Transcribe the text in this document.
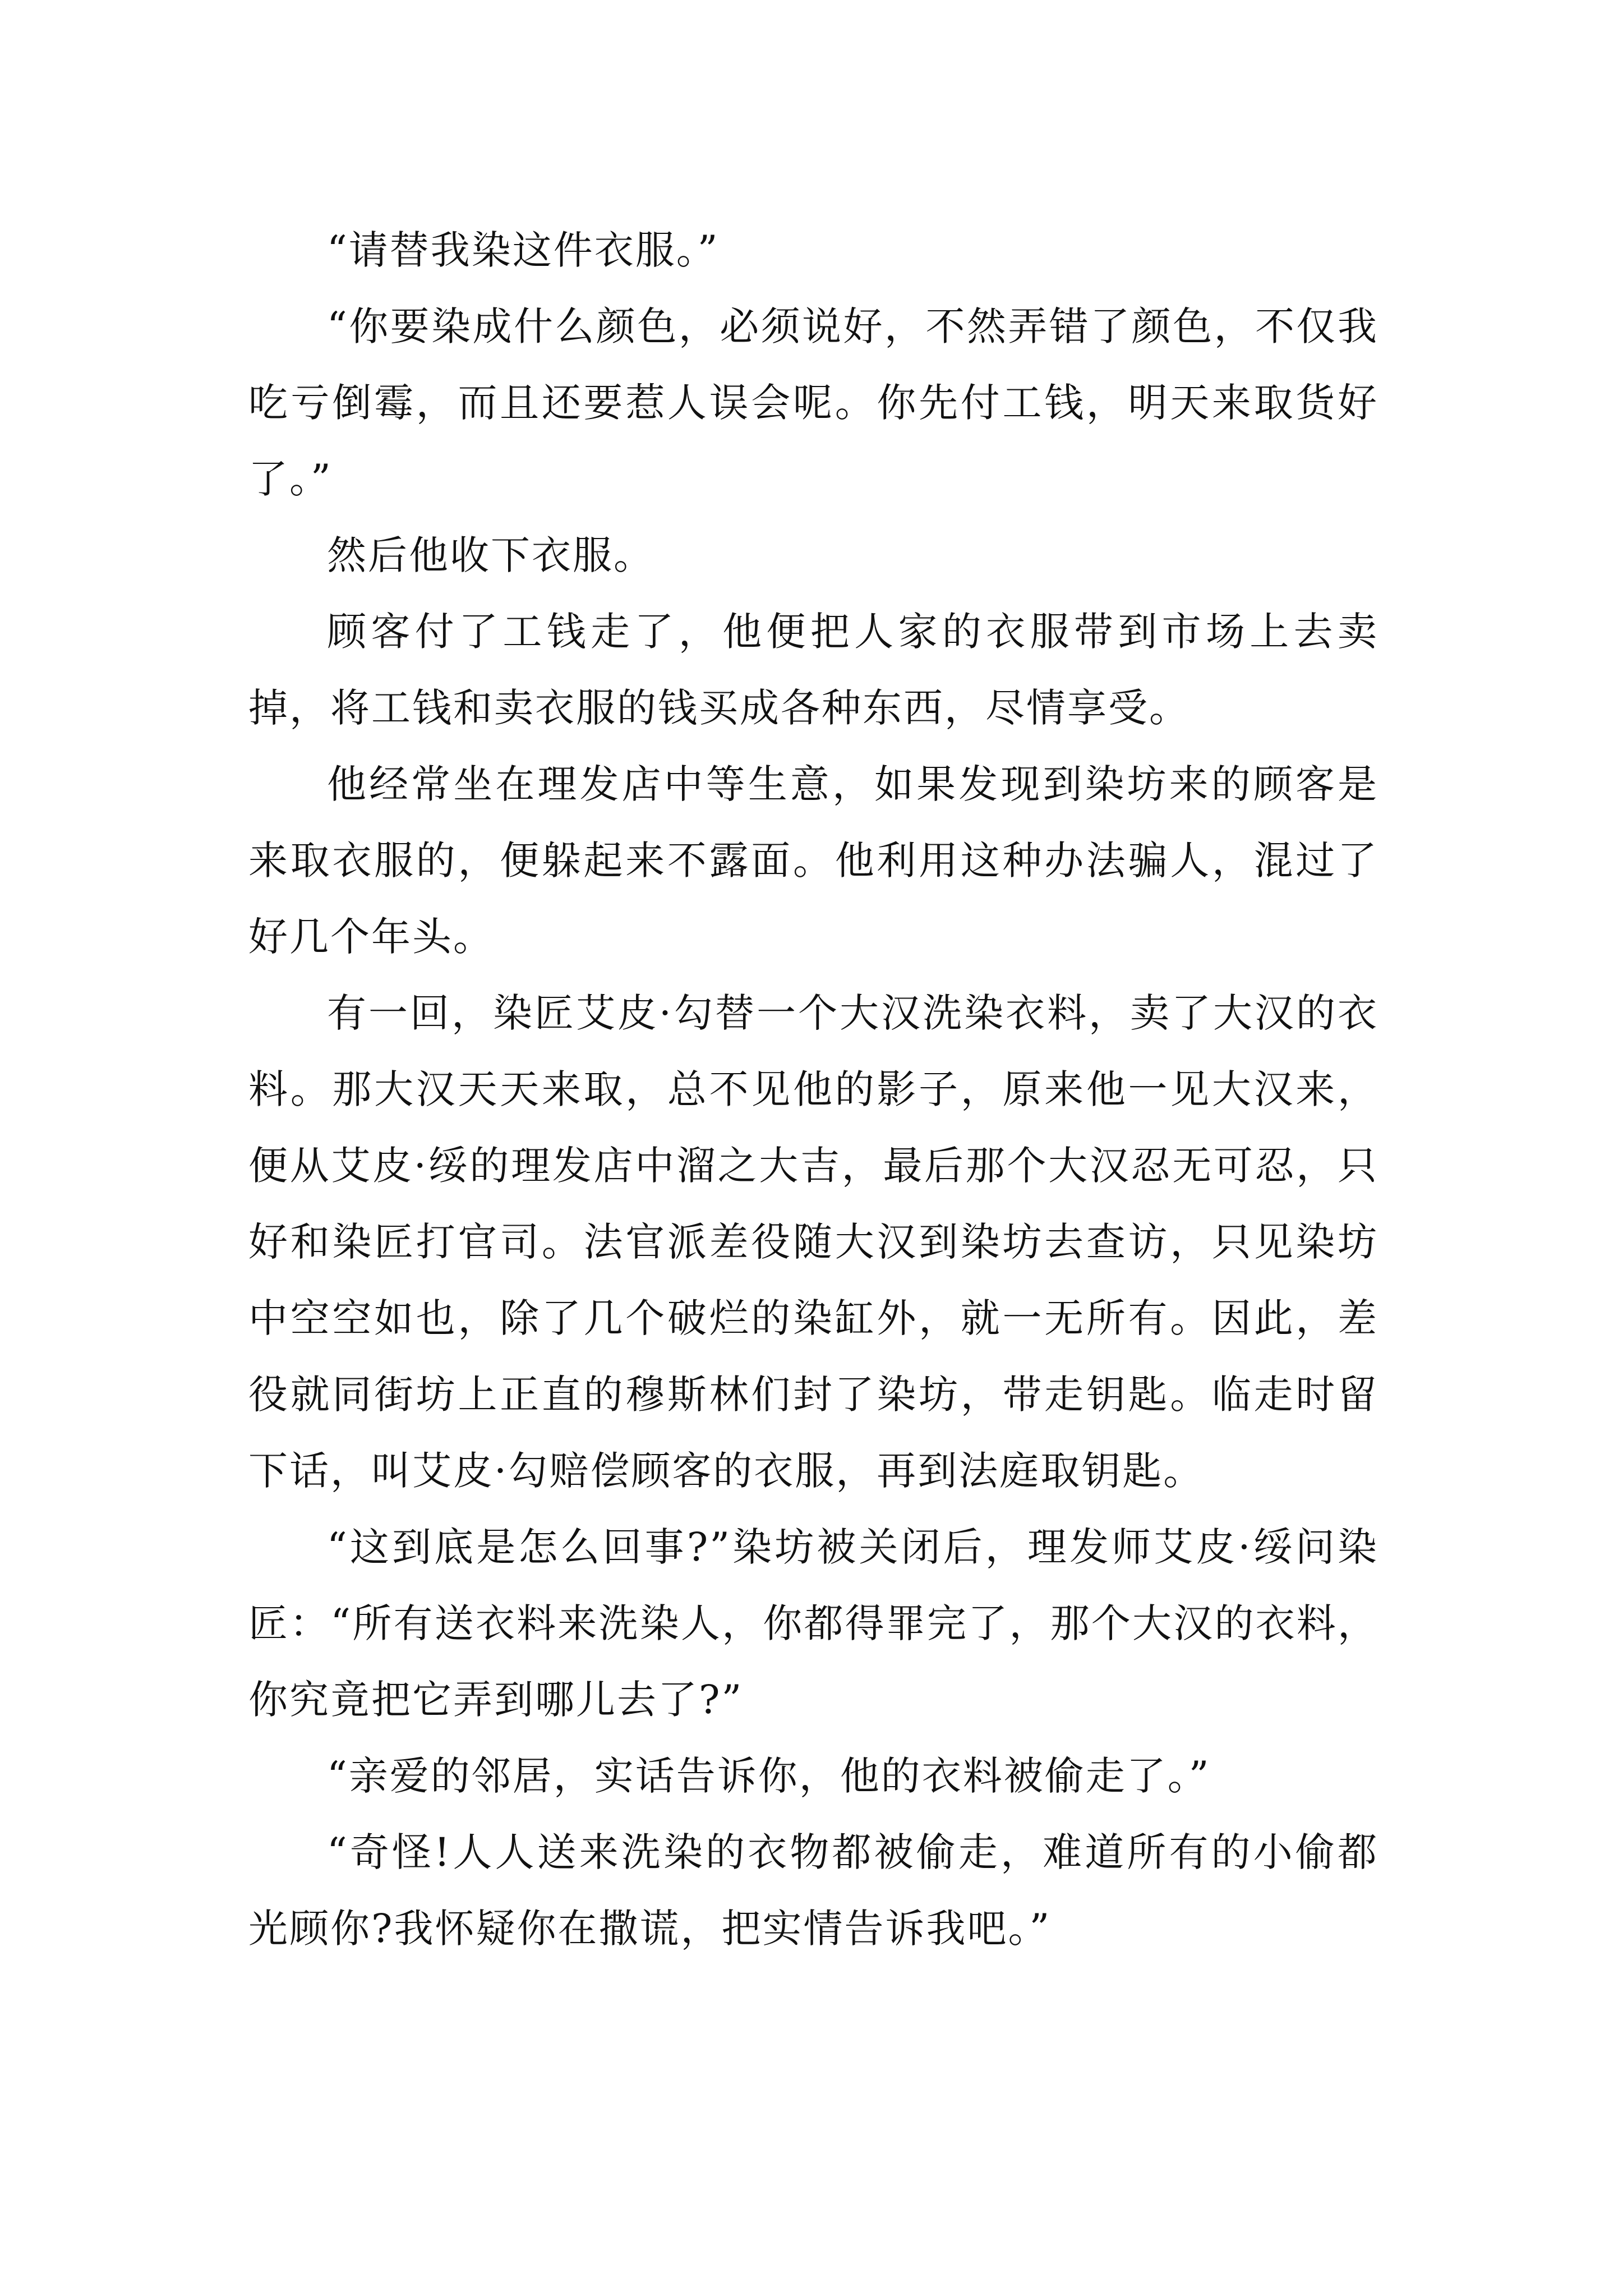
“请替我染这件衣服。”

“你要染成什么颜色，必须说好，不然弄错了颜色，不仅我吃亏倒霉，而且还要惹人误会呢。你先付工钱，明天来取货好了。”

然后他收下衣服。

顾客付了工钱走了，他便把人家的衣服带到市场上去卖掉，将工钱和卖衣服的钱买成各种东西，尽情享受。

他经常坐在理发店中等生意，如果发现到染坊来的顾客是来取衣服的，便躲起来不露面。他利用这种办法骗人，混过了好几个年头。

有一回，染匠艾皮·勾替一个大汉洗染衣料，卖了大汉的衣料。那大汉天天来取，总不见他的影子，原来他一见大汉来，便从艾皮·绥的理发店中溜之大吉，最后那个大汉忍无可忍，只好和染匠打官司。法官派差役随大汉到染坊去查访，只见染坊中空空如也，除了几个破烂的染缸外，就一无所有。因此，差役就同街坊上正直的穆斯林们封了染坊，带走钥匙。临走时留下话，叫艾皮·勾赔偿顾客的衣服，再到法庭取钥匙。

“这到底是怎么回事?”染坊被关闭后，理发师艾皮·绥问染匠：“所有送衣料来洗染人，你都得罪完了，那个大汉的衣料，你究竟把它弄到哪儿去了?”

“亲爱的邻居，实话告诉你，他的衣料被偷走了。”

“奇怪!人人送来洗染的衣物都被偷走，难道所有的小偷都光顾你?我怀疑你在撒谎，把实情告诉我吧。”
